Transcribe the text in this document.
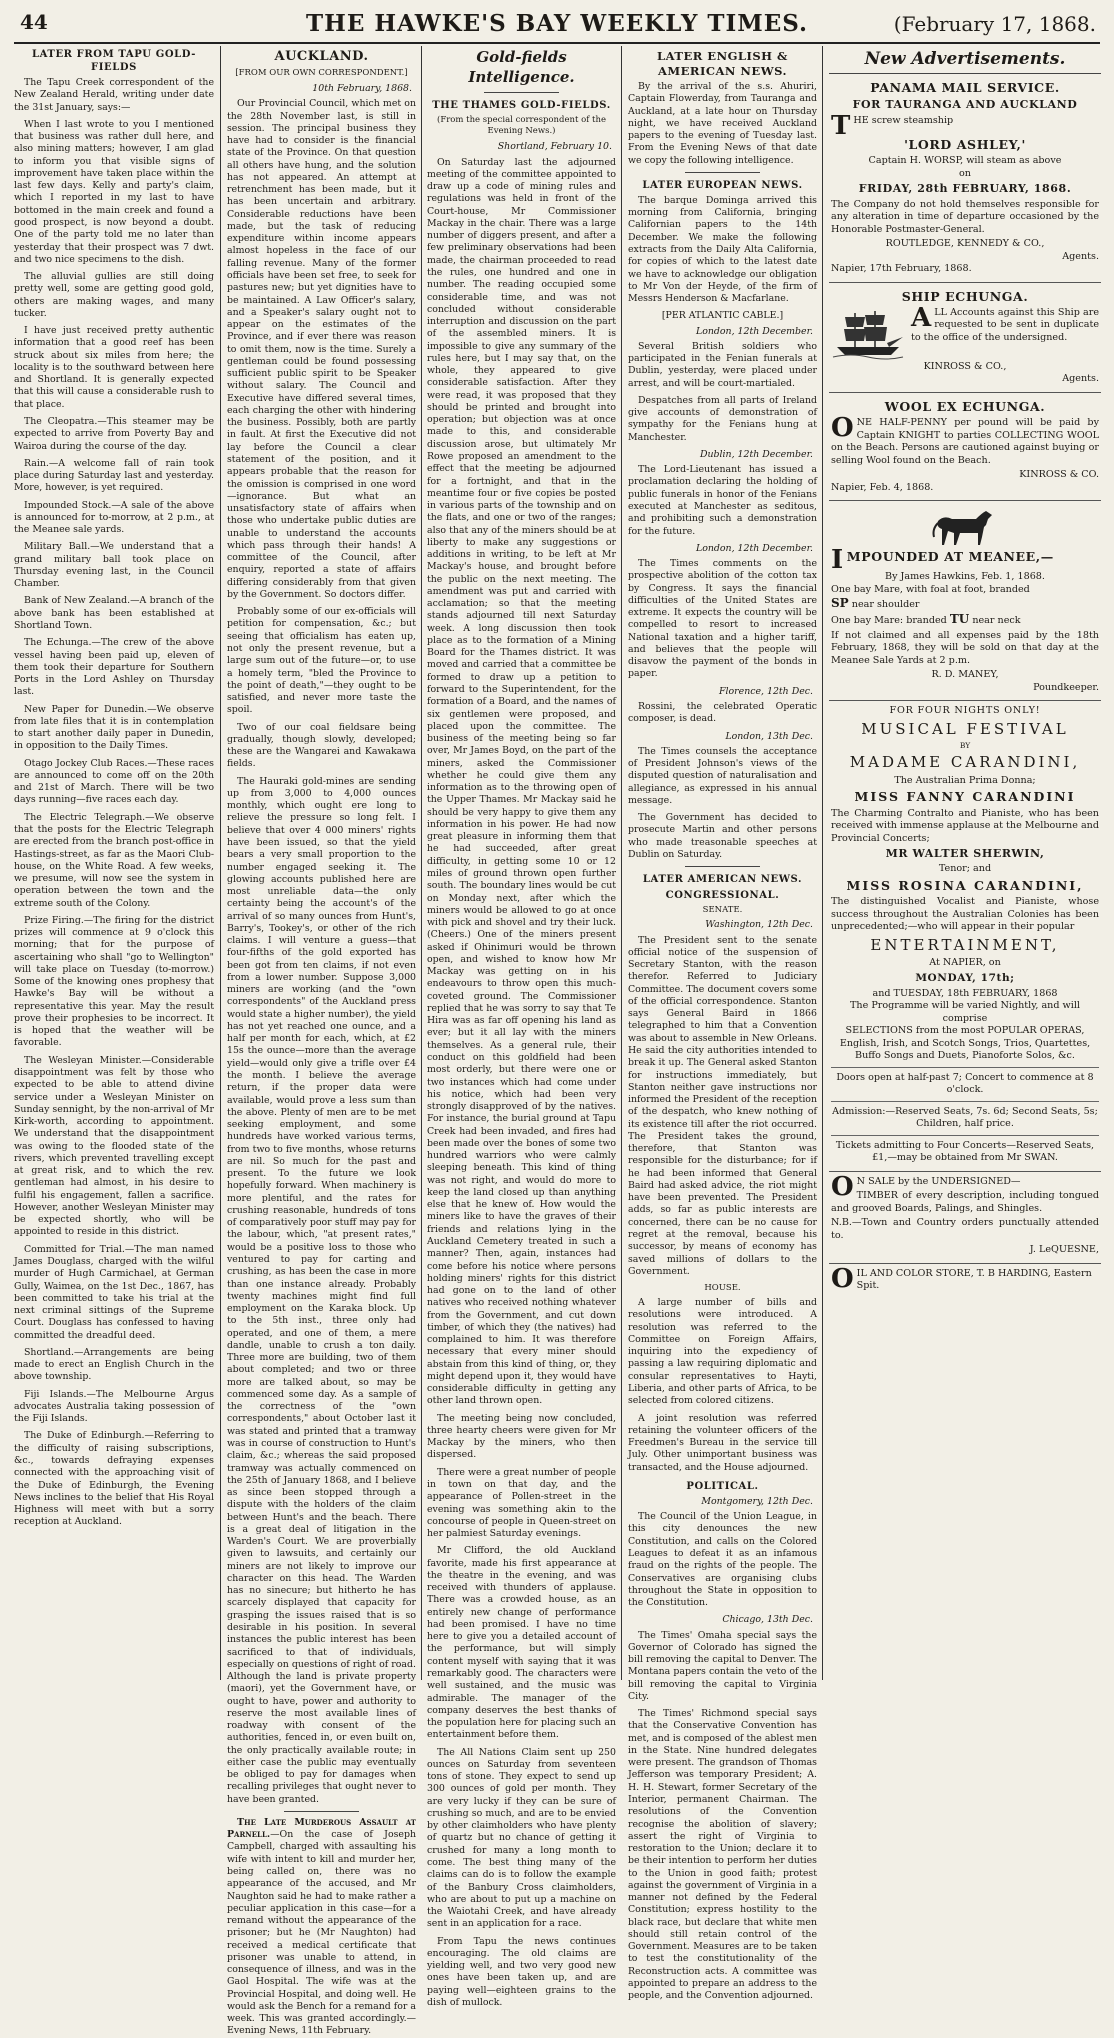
44	THE HAWKE'S BAY WEEKLY TIMES.	(February 17, 1868.
LATER FROM TAPU GOLD-FIELDS

The Tapu Creek correspondent of the New Zealand Herald, writing under date the 31st January, says:—

When I last wrote to you I mentioned that business was rather dull here, and also mining matters; however, I am glad to inform you that visible signs of improvement have taken place within the last few days. Kelly and party's claim, which I reported in my last to have bottomed in the main creek and found a good prospect, is now beyond a doubt. One of the party told me no later than yesterday that their prospect was 7 dwt. and two nice specimens to the dish.

The alluvial gullies are still doing pretty well, some are getting good gold, others are making wages, and many tucker.

I have just received pretty authentic information that a good reef has been struck about six miles from here; the locality is to the southward between here and Shortland. It is generally expected that this will cause a considerable rush to that place.

The Cleopatra.—This steamer may be expected to arrive from Poverty Bay and Wairoa during the course of the day.

Rain.—A welcome fall of rain took place during Saturday last and yesterday. More, however, is yet required.

Impounded Stock.—A sale of the above is announced for to-morrow, at 2 p.m., at the Meanee sale yards.

Military Ball.—We understand that a grand military ball took place on Thursday evening last, in the Council Chamber.

Bank of New Zealand.—A branch of the above bank has been established at Shortland Town.

The Echunga.—The crew of the above vessel having been paid up, eleven of them took their departure for Southern Ports in the Lord Ashley on Thursday last.

New Paper for Dunedin.—We observe from late files that it is in contemplation to start another daily paper in Dunedin, in opposition to the Daily Times.

Otago Jockey Club Races.—These races are announced to come off on the 20th and 21st of March. There will be two days running—five races each day.

The Electric Telegraph.—We observe that the posts for the Electric Telegraph are erected from the branch post-office in Hastings-street, as far as the Maori Club-house, on the White Road. A few weeks, we presume, will now see the system in operation between the town and the extreme south of the Colony.

Prize Firing.—The firing for the district prizes will commence at 9 o'clock this morning; that for the purpose of ascertaining who shall "go to Wellington" will take place on Tuesday (to-morrow.) Some of the knowing ones prophesy that Hawke's Bay will be without a representative this year. May the result prove their prophesies to be incorrect. It is hoped that the weather will be favorable.

The Wesleyan Minister.—Considerable disappointment was felt by those who expected to be able to attend divine service under a Wesleyan Minister on Sunday sennight, by the non-arrival of Mr Kirk-worth, according to appointment. We understand that the disappointment was owing to the flooded state of the rivers, which prevented travelling except at great risk, and to which the rev. gentleman had almost, in his desire to fulfil his engagement, fallen a sacrifice. However, another Wesleyan Minister may be expected shortly, who will be appointed to reside in this district.

Committed for Trial.—The man named James Douglass, charged with the wilful murder of Hugh Carmichael, at German Gully, Waimea, on the 1st Dec., 1867, has been committed to take his trial at the next criminal sittings of the Supreme Court. Douglass has confessed to having committed the dreadful deed.

Shortland.—Arrangements are being made to erect an English Church in the above township.

Fiji Islands.—The Melbourne Argus advocates Australia taking possession of the Fiji Islands.

The Duke of Edinburgh.—Referring to the difficulty of raising subscriptions, &c., towards defraying expenses connected with the approaching visit of the Duke of Edinburgh, the Evening News inclines to the belief that His Royal Highness will meet with but a sorry reception at Auckland.

AUCKLAND.
[FROM OUR OWN CORRESPONDENT.]
10th February, 1868.

Our Provincial Council, which met on the 28th November last, is still in session. The principal business they have had to consider is the financial state of the Province. On that question all others have hung, and the solution has not appeared. An attempt at retrenchment has been made, but it has been uncertain and arbitrary. Considerable reductions have been made, but the task of reducing expenditure within income appears almost hopeless in the face of our falling revenue. Many of the former officials have been set free, to seek for pastures new; but yet dignities have to be maintained. A Law Officer's salary, and a Speaker's salary ought not to appear on the estimates of the Province, and if ever there was reason to omit them, now is the time. Surely a gentleman could be found possessing sufficient public spirit to be Speaker without salary. The Council and Executive have differed several times, each charging the other with hindering the business. Possibly, both are partly in fault. At first the Executive did not lay before the Council a clear statement of the position, and it appears probable that the reason for the omission is comprised in one word—ignorance. But what an unsatisfactory state of affairs when those who undertake public duties are unable to understand the accounts which pass through their hands! A committee of the Council, after enquiry, reported a state of affairs differing considerably from that given by the Government. So doctors differ.

Probably some of our ex-officials will petition for compensation, &c.; but seeing that officialism has eaten up, not only the present revenue, but a large sum out of the future—or, to use a homely term, "bled the Province to the point of death,"—they ought to be satisfied, and never more taste the spoil.

Two of our coal fieldsare being gradually, though slowly, developed; these are the Wangarei and Kawakawa fields.

The Hauraki gold-mines are sending up from 3,000 to 4,000 ounces monthly, which ought ere long to relieve the pressure so long felt. I believe that over 4 000 miners' rights have been issued, so that the yield bears a very small proportion to the number engaged seeking it. The glowing accounts published here are most unreliable data—the only certainty being the account's of the arrival of so many ounces from Hunt's, Barry's, Tookey's, or other of the rich claims. I will venture a guess—that four-fifths of the gold exported has been got from ten claims, if not even from a lower number. Suppose 3,000 miners are working (and the "own correspondents" of the Auckland press would state a higher number), the yield has not yet reached one ounce, and a half per month for each, which, at £2 15s the ounce—more than the average yield—would only give a trifle over £4 the month. I believe the average return, if the proper data were available, would prove a less sum than the above. Plenty of men are to be met seeking employment, and some hundreds have worked various terms, from two to five months, whose returns are nil. So much for the past and present. To the future we look hopefully forward. When machinery is more plentiful, and the rates for crushing reasonable, hundreds of tons of comparatively poor stuff may pay for the labour, which, "at present rates," would be a positive loss to those who ventured to pay for carting and crushing, as has been the case in more than one instance already. Probably twenty machines might find full employment on the Karaka block. Up to the 5th inst., three only had operated, and one of them, a mere dandle, unable to crush a ton daily. Three more are building, two of them about completed; and two or three more are talked about, so may be commenced some day. As a sample of the correctness of the "own correspondents," about October last it was stated and printed that a tramway was in course of construction to Hunt's claim, &c.; whereas the said proposed tramway was actually commenced on the 25th of January 1868, and I believe as since been stopped through a dispute with the holders of the claim between Hunt's and the beach. There is a great deal of litigation in the Warden's Court. We are proverbially given to lawsuits, and certainly our miners are not likely to improve our character on this head. The Warden has no sinecure; but hitherto he has scarcely displayed that capacity for grasping the issues raised that is so desirable in his position. In several instances the public interest has been sacrificed to that of individuals, especially on questions of right of road. Although the land is private property (maori), yet the Government have, or ought to have, power and authority to reserve the most available lines of roadway with consent of the authorities, fenced in, or even built on, the only practically available route; in either case the public may eventually be obliged to pay for damages when recalling privileges that ought never to have been granted.

The Late Murderous Assault at Parnell.—On the case of Joseph Campbell, charged with assaulting his wife with intent to kill and murder her, being called on, there was no appearance of the accused, and Mr Naughton said he had to make rather a peculiar application in this case—for a remand without the appearance of the prisoner; but he (Mr Naughton) had received a medical certificate that prisoner was unable to attend, in consequence of illness, and was in the Gaol Hospital. The wife was at the Provincial Hospital, and doing well. He would ask the Bench for a remand for a week. This was granted accordingly.—Evening News, 11th February.

Gold-fields Intelligence.
THE THAMES GOLD-FIELDS.
(From the special correspondent of the Evening News.)
Shortland, February 10.

On Saturday last the adjourned meeting of the committee appointed to draw up a code of mining rules and regulations was held in front of the Court-house, Mr Commissioner Mackay in the chair. There was a large number of diggers present, and after a few preliminary observations had been made, the chairman proceeded to read the rules, one hundred and one in number. The reading occupied some considerable time, and was not concluded without considerable interruption and discussion on the part of the assembled miners. It is impossible to give any summary of the rules here, but I may say that, on the whole, they appeared to give considerable satisfaction. After they were read, it was proposed that they should be printed and brought into operation; but objection was at once made to this, and considerable discussion arose, but ultimately Mr Rowe proposed an amendment to the effect that the meeting be adjourned for a fortnight, and that in the meantime four or five copies be posted in various parts of the township and on the flats, and one or two of the ranges; also that any of the miners should be at liberty to make any suggestions or additions in writing, to be left at Mr Mackay's house, and brought before the public on the next meeting. The amendment was put and carried with acclamation; so that the meeting stands adjourned till next Saturday week. A long discussion then took place as to the formation of a Mining Board for the Thames district. It was moved and carried that a committee be formed to draw up a petition to forward to the Superintendent, for the formation of a Board, and the names of six gentlemen were proposed, and placed upon the committee. The business of the meeting being so far over, Mr James Boyd, on the part of the miners, asked the Commissioner whether he could give them any information as to the throwing open of the Upper Thames. Mr Mackay said he should be very happy to give them any information in his power. He had now great pleasure in informing them that he had succeeded, after great difficulty, in getting some 10 or 12 miles of ground thrown open further south. The boundary lines would be cut on Monday next, after which the miners would be allowed to go at once with pick and shovel and try their luck. (Cheers.) One of the miners present asked if Ohinimuri would be thrown open, and wished to know how Mr Mackay was getting on in his endeavours to throw open this much-coveted ground. The Commissioner replied that he was sorry to say that Te Hira was as far off opening his land as ever; but it all lay with the miners themselves. As a general rule, their conduct on this goldfield had been most orderly, but there were one or two instances which had come under his notice, which had been very strongly disapproved of by the natives. For instance, the burial ground at Tapu Creek had been invaded, and fires had been made over the bones of some two hundred warriors who were calmly sleeping beneath. This kind of thing was not right, and would do more to keep the land closed up than anything else that he knew of. How would the miners like to have the graves of their friends and relations lying in the Auckland Cemetery treated in such a manner? Then, again, instances had come before his notice where persons holding miners' rights for this district had gone on to the land of other natives who received nothing whatever from the Government, and cut down timber, of which they (the natives) had complained to him. It was therefore necessary that every miner should abstain from this kind of thing, or, they might depend upon it, they would have considerable difficulty in getting any other land thrown open.

The meeting being now concluded, three hearty cheers were given for Mr Mackay by the miners, who then dispersed.

There were a great number of people in town on that day, and the appearance of Pollen-street in the evening was something akin to the concourse of people in Queen-street on her palmiest Saturday evenings.

Mr Clifford, the old Auckland favorite, made his first appearance at the theatre in the evening, and was received with thunders of applause. There was a crowded house, as an entirely new change of performance had been promised. I have no time here to give you a detailed account of the performance, but will simply content myself with saying that it was remarkably good. The characters were well sustained, and the music was admirable. The manager of the company deserves the best thanks of the population here for placing such an entertainment before them.

The All Nations Claim sent up 250 ounces on Saturday from seventeen tons of stone. They expect to send up 300 ounces of gold per month. They are very lucky if they can be sure of crushing so much, and are to be envied by other claimholders who have plenty of quartz but no chance of getting it crushed for many a long month to come. The best thing many of the claims can do is to follow the example of the Banbury Cross claimholders, who are about to put up a machine on the Waiotahi Creek, and have already sent in an application for a race.

From Tapu the news continues encouraging. The old claims are yielding well, and two very good new ones have been taken up, and are paying well—eighteen grains to the dish of mullock.

LATER ENGLISH & AMERICAN NEWS.

By the arrival of the s.s. Ahuriri, Captain Flowerday, from Tauranga and Auckland, at a late hour on Thursday night, we have received Auckland papers to the evening of Tuesday last. From the Evening News of that date we copy the following intelligence.

LATER EUROPEAN NEWS.

The barque Dominga arrived this morning from California, bringing Californian papers to the 14th December. We make the following extracts from the Daily Alta California, for copies of which to the latest date we have to acknowledge our obligation to Mr Von der Heyde, of the firm of Messrs Henderson & Macfarlane.

[PER ATLANTIC CABLE.]
London, 12th December.

Several British soldiers who participated in the Fenian funerals at Dublin, yesterday, were placed under arrest, and will be court-martialed.

Despatches from all parts of Ireland give accounts of demonstration of sympathy for the Fenians hung at Manchester.

Dublin, 12th December.

The Lord-Lieutenant has issued a proclamation declaring the holding of public funerals in honor of the Fenians executed at Manchester as seditous, and prohibiting such a demonstration for the future.

London, 12th December.

The Times comments on the prospective abolition of the cotton tax by Congress. It says the financial difficulties of the United States are extreme. It expects the country will be compelled to resort to increased National taxation and a higher tariff, and believes that the people will disavow the payment of the bonds in paper.

Florence, 12th Dec.

Rossini, the celebrated Operatic composer, is dead.

London, 13th Dec.

The Times counsels the acceptance of President Johnson's views of the disputed question of naturalisation and allegiance, as expressed in his annual message.

The Government has decided to prosecute Martin and other persons who made treasonable speeches at Dublin on Saturday.

LATER AMERICAN NEWS.
CONGRESSIONAL.
SENATE.
Washington, 12th Dec.

The President sent to the senate official notice of the suspension of Secretary Stanton, with the reason therefor. Referred to Judiciary Committee. The document covers some of the official correspondence. Stanton says General Baird in 1866 telegraphed to him that a Convention was about to assemble in New Orleans. He said the city authorities intended to break it up. The General asked Stanton for instructions immediately, but Stanton neither gave instructions nor informed the President of the reception of the despatch, who knew nothing of its existence till after the riot occurred. The President takes the ground, therefore, that Stanton was responsible for the disturbance; for if he had been informed that General Baird had asked advice, the riot might have been prevented. The President adds, so far as public interests are concerned, there can be no cause for regret at the removal, because his successor, by means of economy has saved millions of dollars to the Government.

HOUSE.

A large number of bills and resolutions were introduced. A resolution was referred to the Committee on Foreign Affairs, inquiring into the expediency of passing a law requiring diplomatic and consular representatives to Hayti, Liberia, and other parts of Africa, to be selected from colored citizens.

A joint resolution was referred retaining the volunteer officers of the Freedmen's Bureau in the service till July. Other unimportant business was transacted, and the House adjourned.

POLITICAL.
Montgomery, 12th Dec.

The Council of the Union League, in this city denounces the new Constitution, and calls on the Colored Leagues to defeat it as an infamous fraud on the rights of the people. The Conservatives are organising clubs throughout the State in opposition to the Constitution.

Chicago, 13th Dec.

The Times' Omaha special says the Governor of Colorado has signed the bill removing the capital to Denver. The Montana papers contain the veto of the bill removing the capital to Virginia City.

The Times' Richmond special says that the Conservative Convention has met, and is composed of the ablest men in the State. Nine hundred delegates were present. The grandson of Thomas Jefferson was temporary President; A. H. H. Stewart, former Secretary of the Interior, permanent Chairman. The resolutions of the Convention recognise the abolition of slavery; assert the right of Virginia to restoration to the Union; declare it to be their intention to perform her duties to the Union in good faith; protest against the government of Virginia in a manner not defined by the Federal Constitution; express hostility to the black race, but declare that white men should still retain control of the Government. Measures are to be taken to test the constitutionality of the Reconstruction acts. A committee was appointed to prepare an address to the people, and the Convention adjourned.

New Advertisements.
PANAMA MAIL SERVICE.
FOR TAURANGA AND AUCKLAND
THE screw steamship
'LORD ASHLEY,'
Captain H. WORSP, will steam as above
on
FRIDAY, 28th FEBRUARY, 1868.
The Company do not hold themselves responsible for any alteration in time of departure occasioned by the Honorable Postmaster-General.
ROUTLEDGE, KENNEDY & CO.,
Agents.
Napier, 17th February, 1868.
SHIP ECHUNGA.
ALL Accounts against this Ship are requested to be sent in duplicate to the office of the undersigned.
KINROSS & CO.,
Agents.
WOOL EX ECHUNGA.
ONE HALF-PENNY per pound will be paid by Captain KNIGHT to parties COLLECTING WOOL on the Beach. Persons are cautioned against buying or selling Wool found on the Beach.
KINROSS & CO.
Napier, Feb. 4, 1868.
IMPOUNDED AT MEANEE,—
By James Hawkins, Feb. 1, 1868.
One bay Mare, with foal at foot, branded
SP near shoulder
One bay Mare: branded TU near neck
If not claimed and all expenses paid by the 18th February, 1868, they will be sold on that day at the Meanee Sale Yards at 2 p.m.
R. D. MANEY,
Poundkeeper.
FOR FOUR NIGHTS ONLY!
MUSICAL FESTIVAL
BY
MADAME CARANDINI,
The Australian Prima Donna;
MISS FANNY CARANDINI
The Charming Contralto and Pianiste, who has been received with immense applause at the Melbourne and Provincial Concerts;
MR WALTER SHERWIN,
Tenor; and
MISS ROSINA CARANDINI,
The distinguished Vocalist and Pianiste, whose success throughout the Australian Colonies has been unprecedented;—who will appear in their popular
ENTERTAINMENT,
At NAPIER, on
MONDAY, 17th;
and TUESDAY, 18th FEBRUARY, 1868
The Programme will be varied Nightly, and will comprise
SELECTIONS from the most POPULAR OPERAS,
English, Irish, and Scotch Songs, Trios, Quartettes, Buffo Songs and Duets, Pianoforte Solos, &c.
Doors open at half-past 7; Concert to commence at 8 o'clock.
Admission:—Reserved Seats, 7s. 6d; Second Seats, 5s; Children, half price.
Tickets admitting to Four Concerts—Reserved Seats, £1,—may be obtained from Mr SWAN.
O N SALE by the UNDERSIGNED—
TIMBER of every description, including tongued and grooved Boards, Palings, and Shingles.
N.B.—Town and Country orders punctually attended to.
J. LeQUESNE,
OIL AND COLOR STORE, T. B HARDING, Eastern Spit.
